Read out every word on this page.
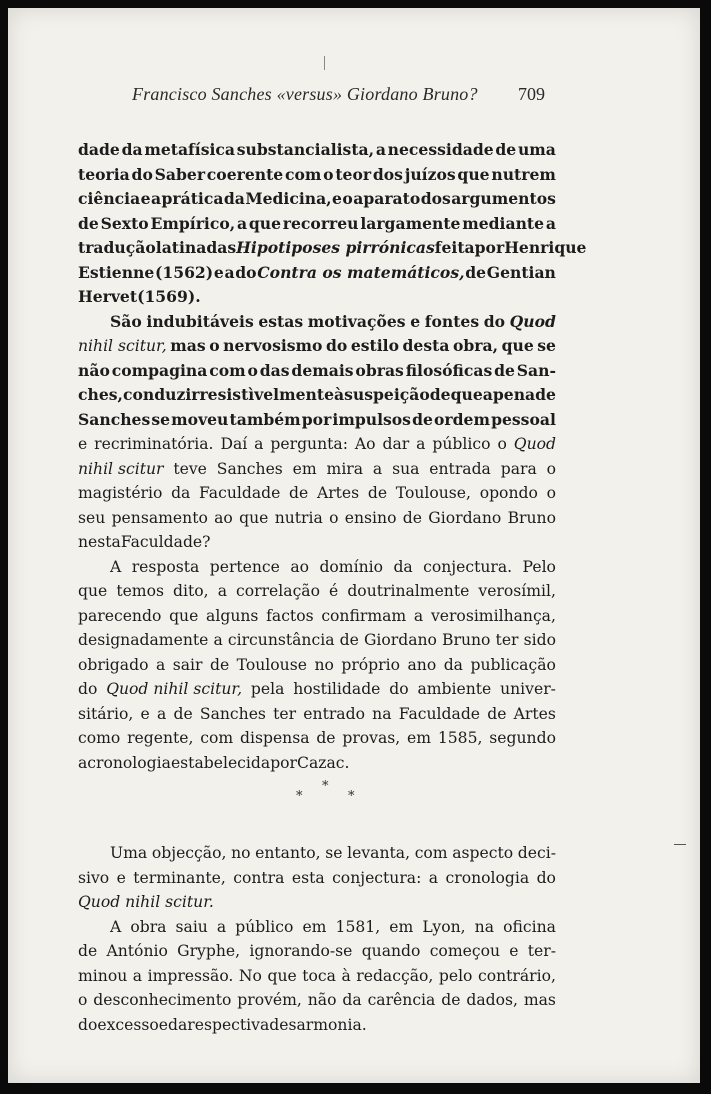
Francisco Sanches «versus» Giordano Bruno? 709
dade da metafísica substancialista, a necessidade de uma
teoria do Saber coerente com o teor dos juízos que nutrem
ciência e a prática da Medicina, e o aparato dos argumentos
de Sexto Empírico, a que recorreu largamente mediante a
tradução latina das Hipotiposes pirrónicas feita por Henrique
Estienne (1562) e a do Contra os matemáticos, de Gentian
Hervet (1569).
São indubitáveis estas motivações e fontes do Quod
nihil scitur, mas o nervosismo do estilo desta obra, que se
não compagina com o das demais obras filosóficas de San-
ches, conduz irresistìvelmente à suspeição de que a pena de
Sanches se moveu também por impulsos de ordem pessoal
e recriminatória. Daí a pergunta: Ao dar a público o Quod
nihil scitur teve Sanches em mira a sua entrada para o
magistério da Faculdade de Artes de Toulouse, opondo o
seu pensamento ao que nutria o ensino de Giordano Bruno
nesta Faculdade?
A resposta pertence ao domínio da conjectura. Pelo
que temos dito, a correlação é doutrinalmente verosímil,
parecendo que alguns factos confirmam a verosimilhança,
designadamente a circunstância de Giordano Bruno ter sido
obrigado a sair de Toulouse no próprio ano da publicação
do Quod nihil scitur, pela hostilidade do ambiente univer-
sitário, e a de Sanches ter entrado na Faculdade de Artes
como regente, com dispensa de provas, em 1585, segundo
a cronologia estabelecida por Cazac.
*
*	*
Uma objecção, no entanto, se levanta, com aspecto deci-
sivo e terminante, contra esta conjectura: a cronologia do
Quod nihil scitur.
A obra saiu a público em 1581, em Lyon, na oficina
de António Gryphe, ignorando-se quando começou e ter-
minou a impressão. No que toca à redacção, pelo contrário,
o desconhecimento provém, não da carência de dados, mas
do excesso e da respectiva desarmonia.
